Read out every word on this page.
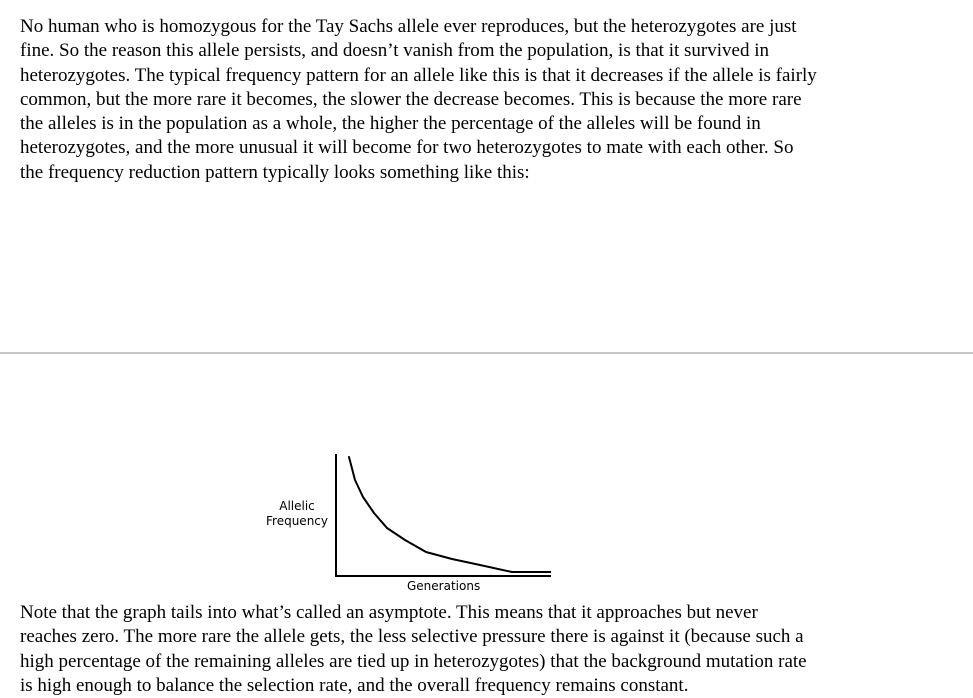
No human who is homozygous for the Tay Sachs allele ever reproduces, but the heterozygotes are just
fine. So the reason this allele persists, and doesn’t vanish from the population, is that it survived in
heterozygotes. The typical frequency pattern for an allele like this is that it decreases if the allele is fairly
common, but the more rare it becomes, the slower the decrease becomes. This is because the more rare
the alleles is in the population as a whole, the higher the percentage of the alleles will be found in
heterozygotes, and the more unusual it will become for two heterozygotes to mate with each other. So
the frequency reduction pattern typically looks something like this:

Allelic
Frequency
Generations

Note that the graph tails into what’s called an asymptote. This means that it approaches but never
reaches zero. The more rare the allele gets, the less selective pressure there is against it (because such a
high percentage of the remaining alleles are tied up in heterozygotes) that the background mutation rate
is high enough to balance the selection rate, and the overall frequency remains constant.
